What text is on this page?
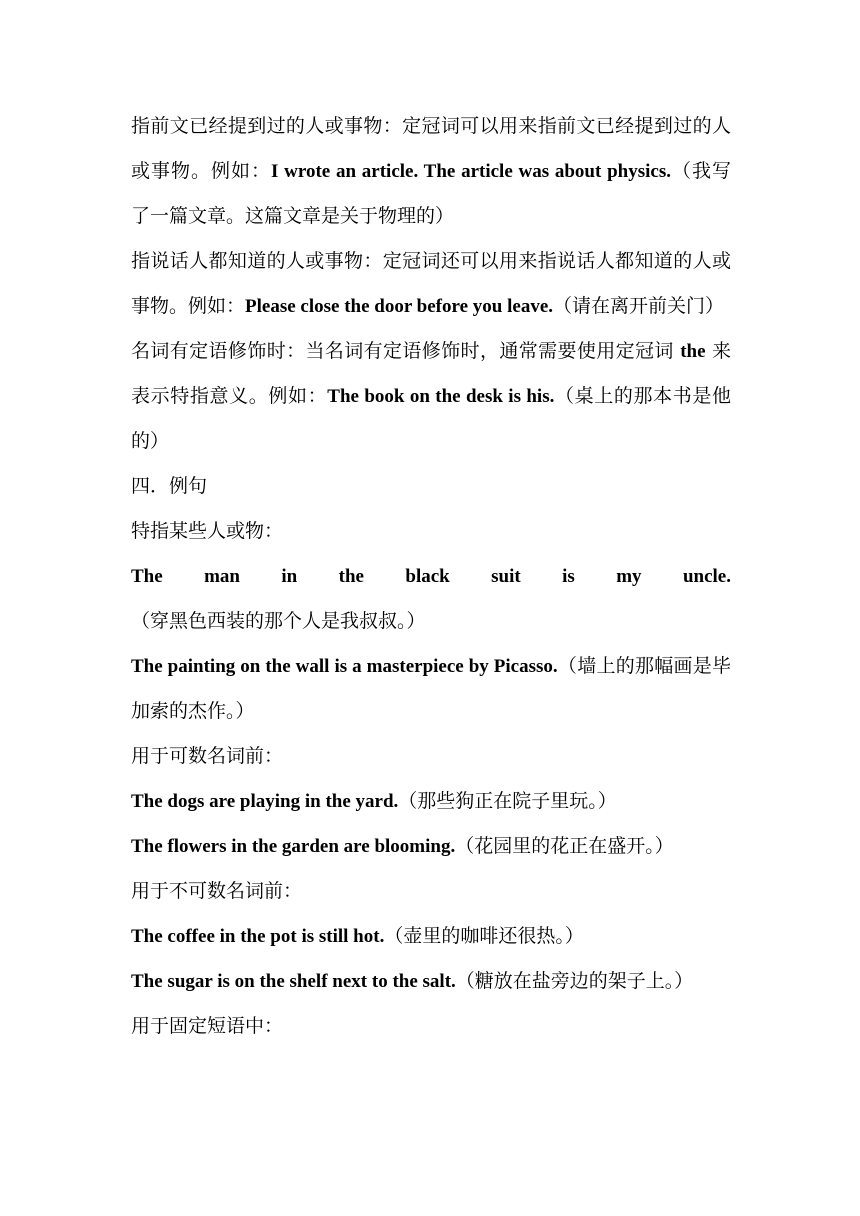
指前文已经提到过的人或事物：定冠词可以用来指前文已经提到过的人或事物。例如：I wrote an article. The article was about physics.（我写了一篇文章。这篇文章是关于物理的）

指说话人都知道的人或事物：定冠词还可以用来指说话人都知道的人或事物。例如：Please close the door before you leave.（请在离开前关门）

名词有定语修饰时：当名词有定语修饰时，通常需要使用定冠词 the 来表示特指意义。例如：The book on the desk is his.（桌上的那本书是他的）

四．例句

特指某些人或物：

The man in the black suit is my uncle.（穿黑色西装的那个人是我叔叔。）

The painting on the wall is a masterpiece by Picasso.（墙上的那幅画是毕加索的杰作。）

用于可数名词前：

The dogs are playing in the yard.（那些狗正在院子里玩。）

The flowers in the garden are blooming.（花园里的花正在盛开。）

用于不可数名词前：

The coffee in the pot is still hot.（壶里的咖啡还很热。）

The sugar is on the shelf next to the salt.（糖放在盐旁边的架子上。）

用于固定短语中：
